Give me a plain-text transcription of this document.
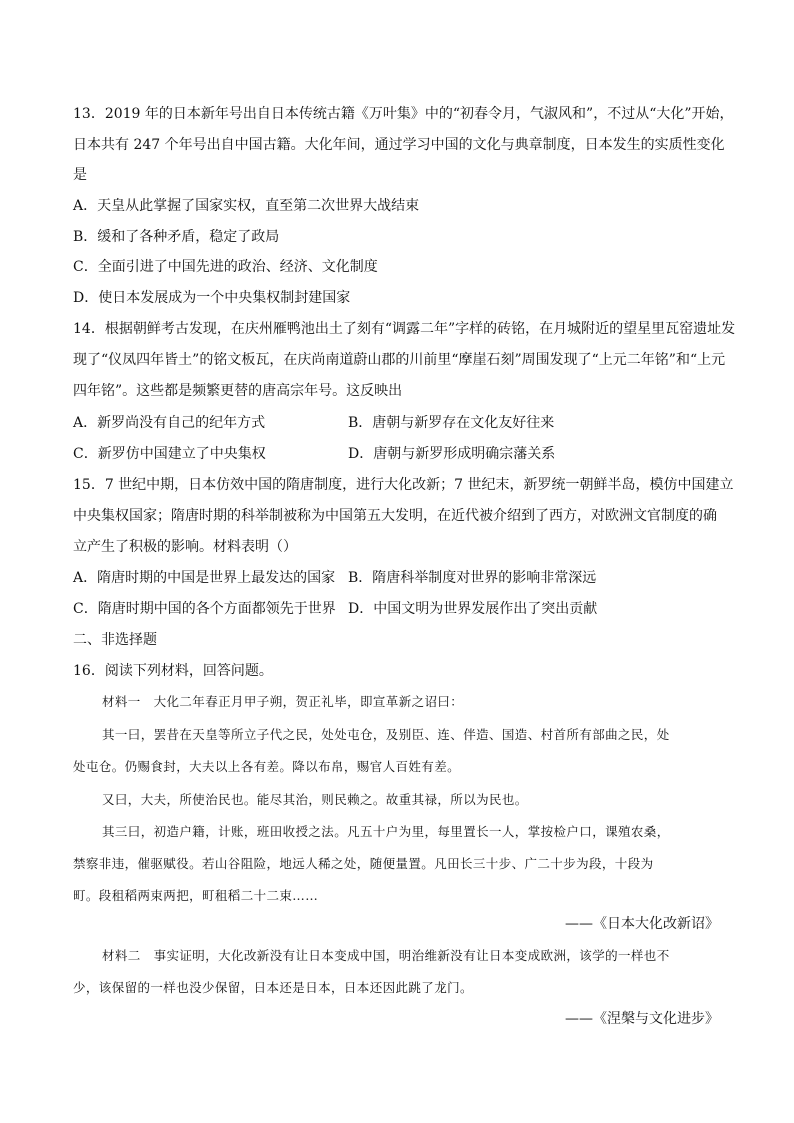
13．2019 年的日本新年号出自日本传统古籍《万叶集》中的“初春令月，气淑风和”，不过从“大化”开始，
日本共有 247 个年号出自中国古籍。大化年间，通过学习中国的文化与典章制度，日本发生的实质性变化
是
A．天皇从此掌握了国家实权，直至第二次世界大战结束
B．缓和了各种矛盾，稳定了政局
C．全面引进了中国先进的政治、经济、文化制度
D．使日本发展成为一个中央集权制封建国家
14．根据朝鲜考古发现，在庆州雁鸭池出土了刻有“调露二年”字样的砖铭，在月城附近的望星里瓦窑遗址发
现了“仪凤四年皆土”的铭文板瓦，在庆尚南道蔚山郡的川前里“摩崖石刻”周围发现了“上元二年铭”和“上元
四年铭”。这些都是频繁更替的唐高宗年号。这反映出
A．新罗尚没有自己的纪年方式	B．唐朝与新罗存在文化友好往来
C．新罗仿中国建立了中央集权	D．唐朝与新罗形成明确宗藩关系
15．7 世纪中期，日本仿效中国的隋唐制度，进行大化改新；7 世纪末，新罗统一朝鲜半岛，模仿中国建立
中央集权国家；隋唐时期的科举制被称为中国第五大发明，在近代被介绍到了西方，对欧洲文官制度的确
立产生了积极的影响。材料表明（）
A．隋唐时期的中国是世界上最发达的国家 B．隋唐科举制度对世界的影响非常深远
C．隋唐时期中国的各个方面都领先于世界 D．中国文明为世界发展作出了突出贡献
二、非选择题
16．阅读下列材料，回答问题。
材料一　大化二年春正月甲子朔，贺正礼毕，即宣革新之诏曰：
其一曰，罢昔在天皇等所立子代之民，处处屯仓，及别臣、连、伴造、国造、村首所有部曲之民，处
处屯仓。仍赐食封，大夫以上各有差。降以布帛，赐官人百姓有差。
又曰，大夫，所使治民也。能尽其治，则民赖之。故重其禄，所以为民也。
其三曰，初造户籍，计账，班田收授之法。凡五十户为里，每里置长一人，掌按检户口，课殖农桑，
禁察非违，催驱赋役。若山谷阻险，地远人稀之处，随便量置。凡田长三十步、广二十步为段，十段为
町。段租稻两束两把，町租稻二十二束……
——《日本大化改新诏》
材料二　事实证明，大化改新没有让日本变成中国，明治维新没有让日本变成欧洲，该学的一样也不
少，该保留的一样也没少保留，日本还是日本，日本还因此跳了龙门。
——《涅槃与文化进步》
